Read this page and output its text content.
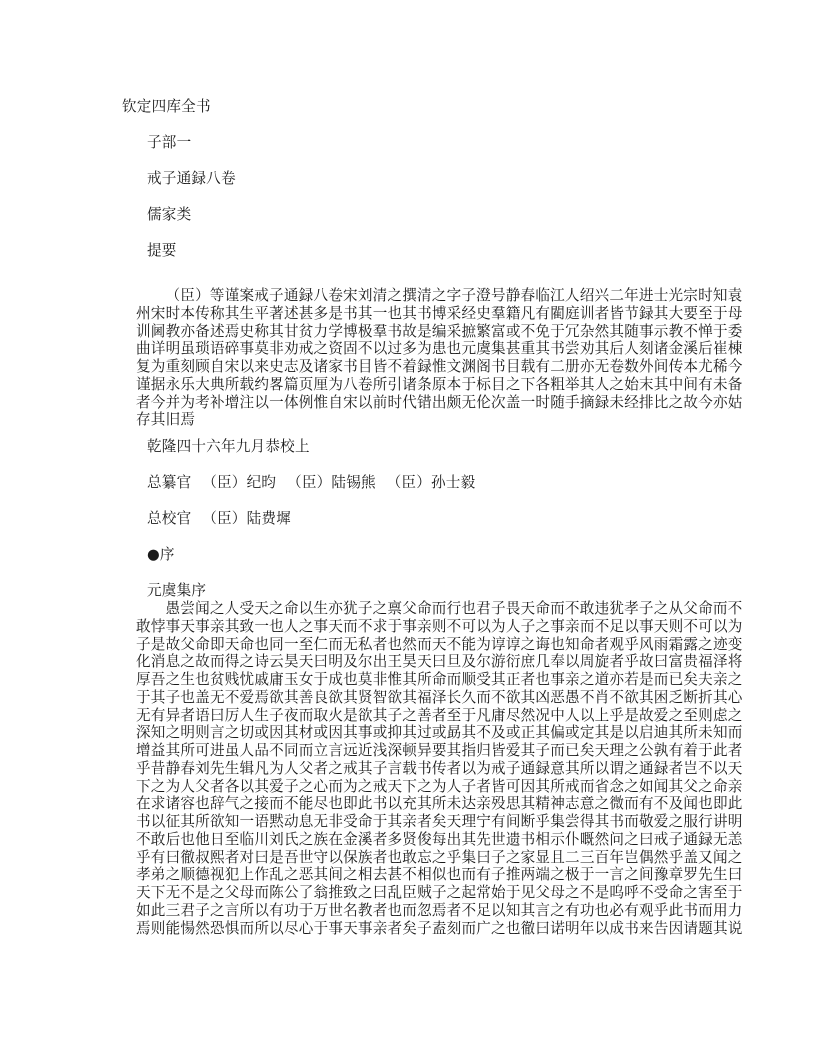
钦定四库全书
子部一
戒子通録八卷
儒家类
提要
（臣）等谨案戒子通録八卷宋刘清之撰清之字子澄号静春临江人绍兴二年进士光宗时知袁
州宋时本传称其生平著述甚多是书其一也其书博采经史羣籍凡有閵庭训者皆节録其大要至于母
训阃教亦备述焉史称其甘贫力学博极羣书故是编采摭繁富或不免于冗杂然其随事示教不惮于委
曲详明虽琐语碎事莫非劝戒之资固不以过多为患也元虞集甚重其书尝劝其后人刻诸金溪后崔棟
复为重刻顾自宋以来史志及诸家书目皆不着録惟文渊阁书目载有二册亦无卷数外间传本尤稀今
谨据永乐大典所载约畧篇页厘为八卷所引诸条原本于标目之下各粗举其人之始末其中间有未备
者今并为考补增注以一体例惟自宋以前时代错出颇无伦次盖一时随手摘録未经排比之故今亦姑
存其旧焉
乾隆四十六年九月恭校上
总纂官 （臣）纪昀 （臣）陆锡熊 （臣）孙士毅
总校官 （臣）陆费墀
●序
元虞集序
愚尝闻之人受天之命以生亦犹子之禀父命而行也君子畏天命而不敢违犹孝子之从父命而不
敢悖事天事亲其致一也人之事天而不求于事亲则不可以为人子之事亲而不足以事天则不可以为
子是故父命即天命也同一至仁而无私者也然而天不能为谆谆之诲也知命者观乎风雨霜露之迹变
化消息之故而得之诗云昊天曰明及尔出王昊天曰旦及尔游衍庶几奉以周旋者乎故曰富贵福泽将
厚吾之生也贫贱忧戚庸玉女于成也莫非惟其所命而顺受其正者也事亲之道亦若是而已矣夫亲之
于其子也盖无不爱焉欲其善良欲其贤智欲其福泽长久而不欲其凶恶愚不肖不欲其困乏断折其心
无有异者语曰厉人生子夜而取火是欲其子之善者至于凡庸尽然况中人以上乎是故爱之至则虑之
深知之明则言之切或因其材或因其事或抑其过或勗其不及或正其偏或定其是以启迪其所未知而
增益其所可进虽人品不同而立言远近浅深顿异要其指归皆爱其子而已矣天理之公孰有着于此者
乎昔静春刘先生辑凡为人父者之戒其子言载书传者以为戒子通録意其所以谓之通録者岂不以天
下之为人父者各以其爱子之心而为之戒天下之为人子者皆可因其所戒而省念之如闻其父之命亲
在求诸容也辞气之接而不能尽也即此书以充其所未达亲殁思其精神志意之微而有不及闻也即此
书以征其所欲知一语黙动息无非受命于其亲者矣天理宁有间断乎集尝得其书而敬爱之服行讲明
不敢后也他日至临川刘氏之族在金溪者多贤俊每出其先世遗书相示仆嘅然问之曰戒子通録无恙
乎有曰徹叔熙者对曰是吾世守以保族者也敢忘之乎集曰子之家显且二三百年岂偶然乎盖又闻之
孝弟之顺德视犯上作乱之恶其间之相去甚不相似也而有子推两端之极于一言之间豫章罗先生曰
天下无不是之父母而陈公了翁推致之曰乱臣贼子之起常始于见父母之不是呜呼不受命之害至于
如此三君子之言所以有功于万世名教者也而忽焉者不足以知其言之有功也必有观乎此书而用力
焉则能愓然恐惧而所以尽心于事天事亲者矣子盍刻而广之也徹曰诺明年以成书来告因请题其说
